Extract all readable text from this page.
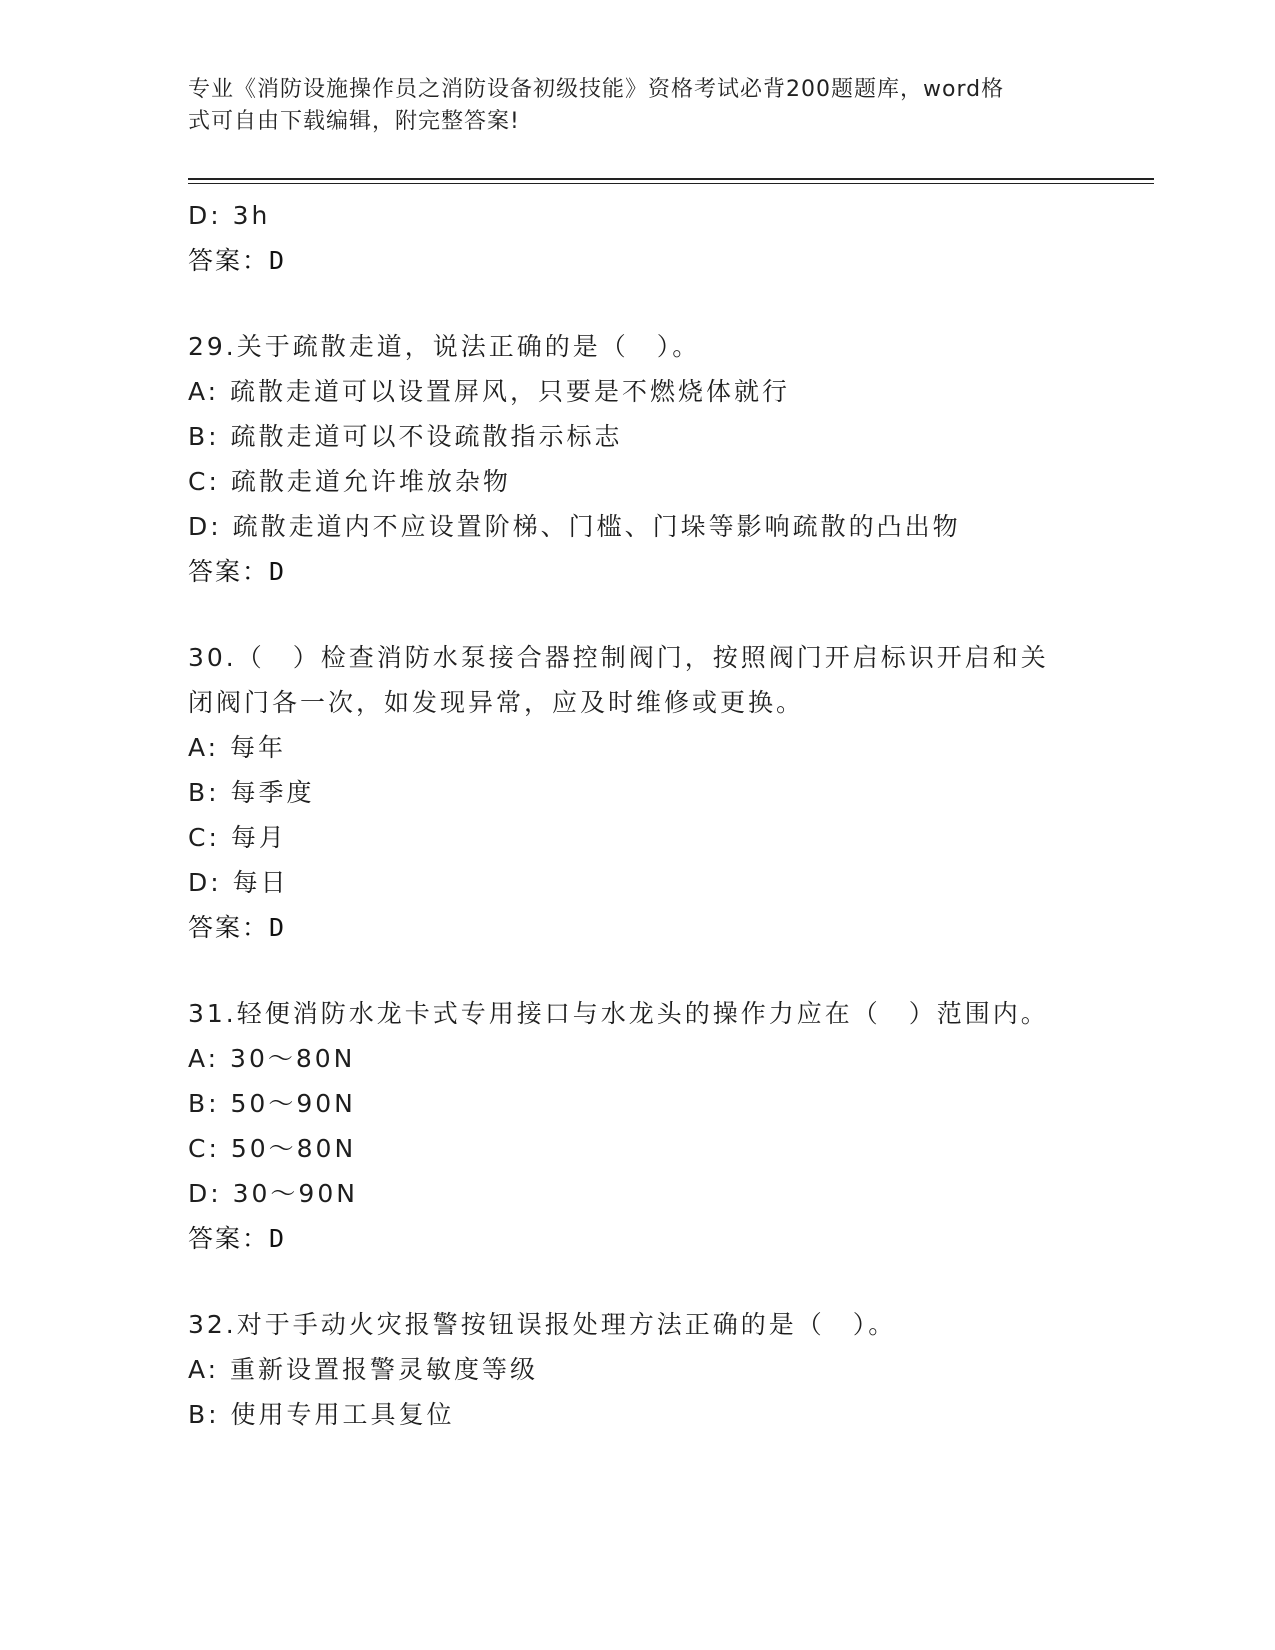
专业《消防设施操作员之消防设备初级技能》资格考试必背200题题库，word格
式可自由下载编辑，附完整答案!
D: 3h
答案：D
29.关于疏散走道，说法正确的是（　）。
A: 疏散走道可以设置屏风，只要是不燃烧体就行
B: 疏散走道可以不设疏散指示标志
C: 疏散走道允许堆放杂物
D: 疏散走道内不应设置阶梯、门槛、门垛等影响疏散的凸出物
答案：D
30.（　）检查消防水泵接合器控制阀门，按照阀门开启标识开启和关
闭阀门各一次，如发现异常，应及时维修或更换。
A: 每年
B: 每季度
C: 每月
D: 每日
答案：D
31.轻便消防水龙卡式专用接口与水龙头的操作力应在（　）范围内。
A: 30～80N
B: 50～90N
C: 50～80N
D: 30～90N
答案：D
32.对于手动火灾报警按钮误报处理方法正确的是（　）。
A: 重新设置报警灵敏度等级
B: 使用专用工具复位
